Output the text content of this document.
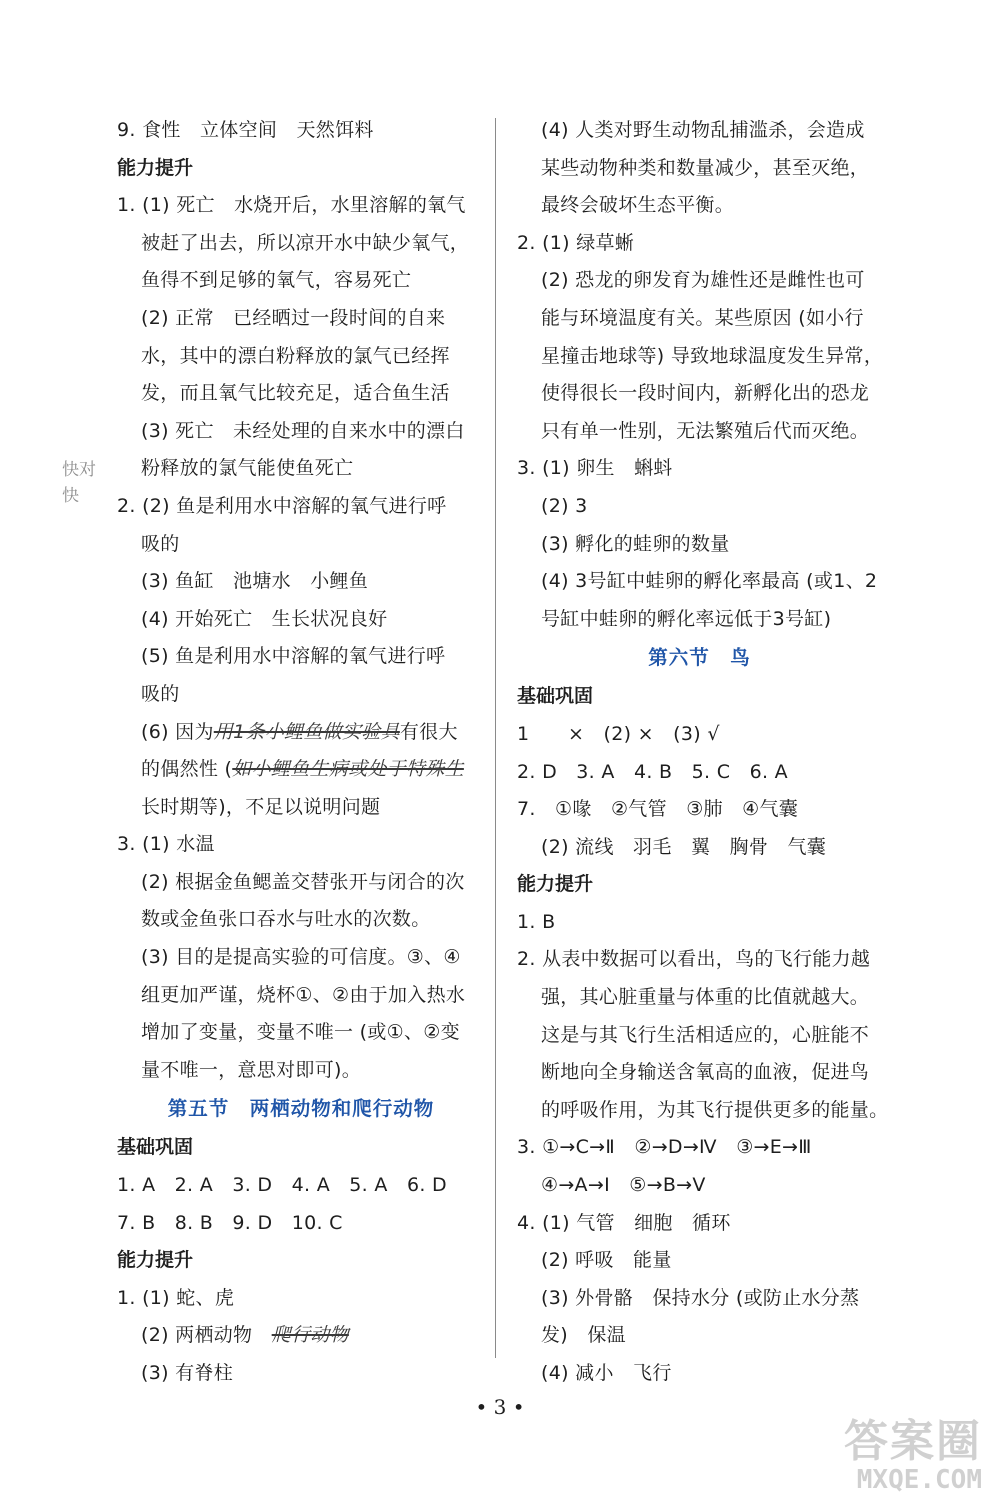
快对
快
9. 食性　立体空间　天然饵料
能力提升
1. (1) 死亡　水烧开后，水里溶解的氧气
被赶了出去，所以凉开水中缺少氧气，
鱼得不到足够的氧气，容易死亡
(2) 正常　已经晒过一段时间的自来
水，其中的漂白粉释放的氯气已经挥
发，而且氧气比较充足，适合鱼生活
(3) 死亡　未经处理的自来水中的漂白
粉释放的氯气能使鱼死亡
2. (2) 鱼是利用水中溶解的氧气进行呼
吸的
(3) 鱼缸　池塘水　小鲤鱼
(4) 开始死亡　生长状况良好
(5) 鱼是利用水中溶解的氧气进行呼
吸的
(6) 因为用1条小鲤鱼做实验具有很大
的偶然性 (如小鲤鱼生病或处于特殊生
长时期等)，不足以说明问题
3. (1) 水温
(2) 根据金鱼鳃盖交替张开与闭合的次
数或金鱼张口吞水与吐水的次数。
(3) 目的是提高实验的可信度。③、④
组更加严谨，烧杯①、②由于加入热水
增加了变量，变量不唯一 (或①、②变
量不唯一，意思对即可)。
第五节　两栖动物和爬行动物
基础巩固
1. A　2. A　3. D　4. A　5. A　6. D
7. B　8. B　9. D　10. C
能力提升
1. (1) 蛇、虎
(2) 两栖动物　爬行动物
(3) 有脊柱
(4) 人类对野生动物乱捕滥杀，会造成
某些动物种类和数量减少，甚至灭绝，
最终会破坏生态平衡。
2. (1) 绿草蜥
(2) 恐龙的卵发育为雄性还是雌性也可
能与环境温度有关。某些原因 (如小行
星撞击地球等) 导致地球温度发生异常，
使得很长一段时间内，新孵化出的恐龙
只有单一性别，无法繁殖后代而灭绝。
3. (1) 卵生　蝌蚪
(2) 3
(3) 孵化的蛙卵的数量
(4) 3号缸中蛙卵的孵化率最高 (或1、2
号缸中蛙卵的孵化率远低于3号缸)
第六节　鸟
基础巩固
1　　×　(2) ×　(3) √
2. D　3. A　4. B　5. C　6. A
7.　①喙　②气管　③肺　④气囊
(2) 流线　羽毛　翼　胸骨　气囊
能力提升
1. B
2. 从表中数据可以看出，鸟的飞行能力越
强，其心脏重量与体重的比值就越大。
这是与其飞行生活相适应的，心脏能不
断地向全身输送含氧高的血液，促进鸟
的呼吸作用，为其飞行提供更多的能量。
3. ①→C→Ⅱ　②→D→Ⅳ　③→E→Ⅲ
④→A→Ⅰ　⑤→B→Ⅴ
4. (1) 气管　细胞　循环
(2) 呼吸　能量
(3) 外骨骼　保持水分 (或防止水分蒸
发)　保温
(4) 减小　飞行
• 3 •
答案圈
MXQE.COM
